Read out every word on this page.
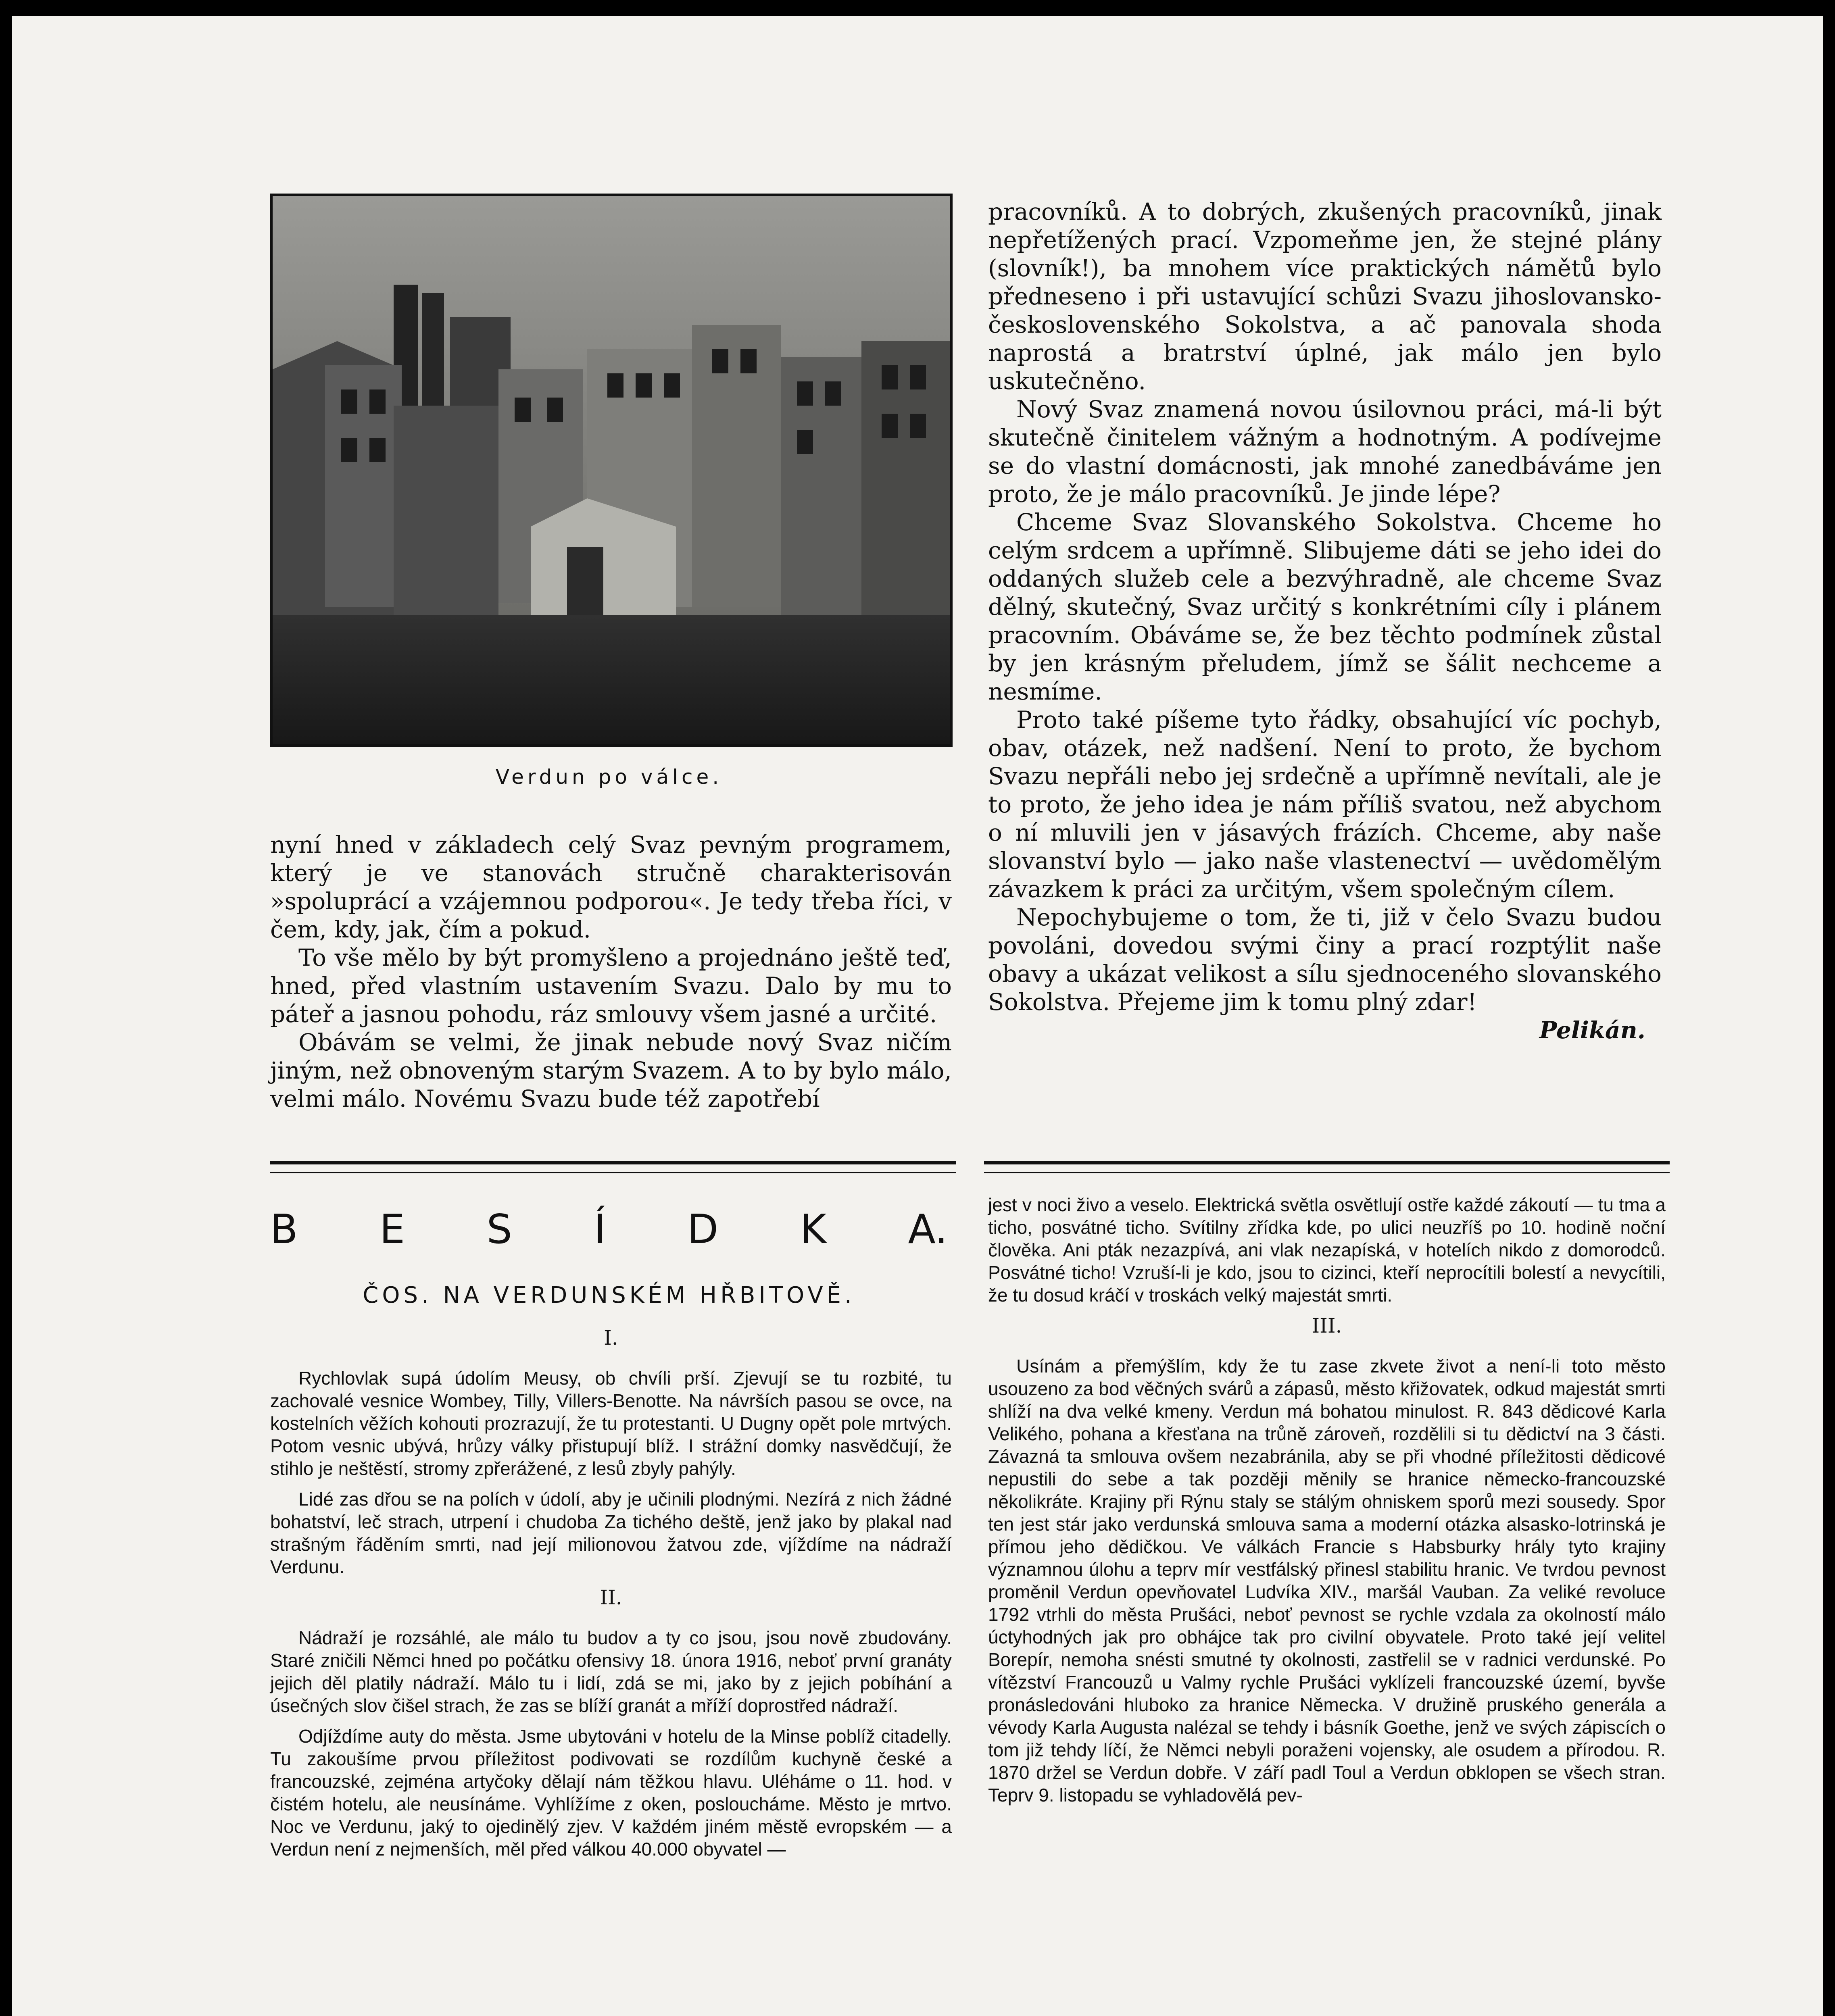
Verdun po válce.

nyní hned v základech celý Svaz pevným programem, který je ve stanovách stručně charakterisován »spoluprácí a vzájemnou podporou«. Je tedy třeba říci, v čem, kdy, jak, čím a pokud.

To vše mělo by být promyšleno a projednáno ještě teď, hned, před vlastním ustavením Svazu. Dalo by mu to páteř a jasnou pohodu, ráz smlouvy všem jasné a určité.

Obávám se velmi, že jinak nebude nový Svaz ničím jiným, než obnoveným starým Svazem. A to by bylo málo, velmi málo. Novému Svazu bude též zapotřebí

pracovníků. A to dobrých, zkušených pracovníků, jinak nepřetížených prací. Vzpomeňme jen, že stejné plány (slovník!), ba mnohem více praktických námětů bylo předneseno i při ustavující schůzi Svazu jihoslovansko-československého Sokolstva, a ač panovala shoda naprostá a bratrství úplné, jak málo jen bylo uskutečněno.

Nový Svaz znamená novou úsilovnou práci, má-li být skutečně činitelem vážným a hodnotným. A podívejme se do vlastní domácnosti, jak mnohé zanedbáváme jen proto, že je málo pracovníků. Je jinde lépe?

Chceme Svaz Slovanského Sokolstva. Chceme ho celým srdcem a upřímně. Slibujeme dáti se jeho idei do oddaných služeb cele a bezvýhradně, ale chceme Svaz dělný, skutečný, Svaz určitý s konkrétními cíly i plánem pracovním. Obáváme se, že bez těchto podmínek zůstal by jen krásným přeludem, jímž se šálit nechceme a nesmíme.

Proto také píšeme tyto řádky, obsahující víc pochyb, obav, otázek, než nadšení. Není to proto, že bychom Svazu nepřáli nebo jej srdečně a upřímně nevítali, ale je to proto, že jeho idea je nám příliš svatou, než abychom o ní mluvili jen v jásavých frázích. Chceme, aby naše slovanství bylo — jako naše vlastenectví — uvědomělým závazkem k práci za určitým, všem společným cílem.

Nepochybujeme o tom, že ti, již v čelo Svazu budou povoláni, dovedou svými činy a prací rozptýlit naše obavy a ukázat velikost a sílu sjednoceného slovanského Sokolstva. Přejeme jim k tomu plný zdar!

Pelikán.
B E S Í D K A.
ČOS. NA VERDUNSKÉM HŘBITOVĚ.
I.

Rychlovlak supá údolím Meusy, ob chvíli prší. Zjevují se tu rozbité, tu zachovalé vesnice Wombey, Tilly, Villers-Benotte. Na návrších pasou se ovce, na kostelních věžích kohouti prozrazují, že tu protestanti. U Dugny opět pole mrtvých. Potom vesnic ubývá, hrůzy války přistupují blíž. I strážní domky nasvědčují, že stihlo je neštěstí, stromy zpřerážené, z lesů zbyly pahýly.

Lidé zas dřou se na polích v údolí, aby je učinili plodnými. Nezírá z nich žádné bohatství, leč strach, utrpení i chudoba Za tichého deště, jenž jako by plakal nad strašným řáděním smrti, nad její milionovou žatvou zde, vjíždíme na nádraží Verdunu.

II.

Nádraží je rozsáhlé, ale málo tu budov a ty co jsou, jsou nově zbudovány. Staré zničili Němci hned po počátku ofensivy 18. února 1916, neboť první granáty jejich děl platily nádraží. Málo tu i lidí, zdá se mi, jako by z jejich pobíhání a úsečných slov čišel strach, že zas se blíží granát a mříží doprostřed nádraží.

Odjíždíme auty do města. Jsme ubytováni v hotelu de la Minse poblíž citadelly. Tu zakoušíme prvou příležitost podivovati se rozdílům kuchyně české a francouzské, zejména artyčoky dělají nám těžkou hlavu. Uléháme o 11. hod. v čistém hotelu, ale neusínáme. Vyhlížíme z oken, posloucháme. Město je mrtvo. Noc ve Verdunu, jaký to ojedinělý zjev. V každém jiném městě evropském — a Verdun není z nejmenších, měl před válkou 40.000 obyvatel —

jest v noci živo a veselo. Elektrická světla osvětlují ostře každé zákoutí — tu tma a ticho, posvátné ticho. Svítilny zřídka kde, po ulici neuzříš po 10. hodině noční člověka. Ani pták nezazpívá, ani vlak nezapíská, v hotelích nikdo z domorodců. Posvátné ticho! Vzruší-li je kdo, jsou to cizinci, kteří neprocítili bolestí a nevycítili, že tu dosud kráčí v troskách velký majestát smrti.

III.

Usínám a přemýšlím, kdy že tu zase zkvete život a není-li toto město usouzeno za bod věčných svárů a zápasů, město křižovatek, odkud majestát smrti shlíží na dva velké kmeny. Verdun má bohatou minulost. R. 843 dědicové Karla Velikého, pohana a křesťana na trůně zároveň, rozdělili si tu dědictví na 3 části. Závazná ta smlouva ovšem nezabránila, aby se při vhodné příležitosti dědicové nepustili do sebe a tak později měnily se hranice německo-francouzské několikráte. Krajiny při Rýnu staly se stálým ohniskem sporů mezi sousedy. Spor ten jest stár jako verdunská smlouva sama a moderní otázka alsasko-lotrinská je přímou jeho dědičkou. Ve válkách Francie s Habsburky hrály tyto krajiny významnou úlohu a teprv mír vestfálský přinesl stabilitu hranic. Ve tvrdou pevnost proměnil Verdun opevňovatel Ludvíka XIV., maršál Vauban. Za veliké revoluce 1792 vtrhli do města Prušáci, neboť pevnost se rychle vzdala za okolností málo úctyhodných jak pro obhájce tak pro civilní obyvatele. Proto také její velitel Borepír, nemoha snésti smutné ty okolnosti, zastřelil se v radnici verdunské. Po vítězství Francouzů u Valmy rychle Prušáci vyklízeli francouzské území, byvše pronásledováni hluboko za hranice Německa. V družině pruského generála a vévody Karla Augusta nalézal se tehdy i básník Goethe, jenž ve svých zápiscích o tom již tehdy líčí, že Němci nebyli poraženi vojensky, ale osudem a přírodou. R. 1870 držel se Verdun dobře. V září padl Toul a Verdun obklopen se všech stran. Teprv 9. listopadu se vyhladovělá pev-
